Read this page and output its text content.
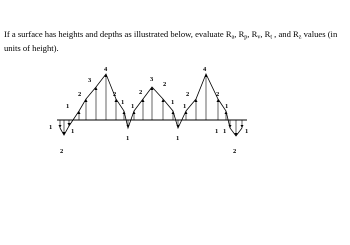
If a surface has heights and depths as illustrated below, evaluate $R_a$, $R_p$, $R_v$, $R_t$ , and $R_z$ values (in units of height).

1
2
1
1
2
3
4
2
1
1
1
2
3
2
1
1
1
2
4
2
1
1 1
2
1
